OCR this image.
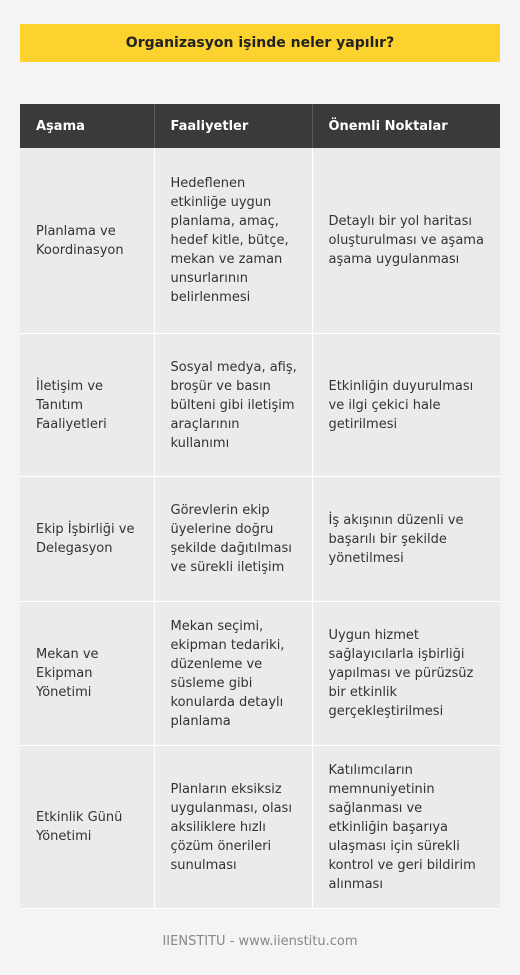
Organizasyon işinde neler yapılır?
Aşama	Faaliyetler	Önemli Noktalar
Planlama ve Koordinasyon	Hedeflenen etkinliğe uygun planlama, amaç, hedef kitle, bütçe, mekan ve zaman unsurlarının belirlenmesi	Detaylı bir yol haritası oluşturulması ve aşama aşama uygulanması
İletişim ve Tanıtım Faaliyetleri	Sosyal medya, afiş, broşür ve basın bülteni gibi iletişim araçlarının kullanımı	Etkinliğin duyurulması ve ilgi çekici hale getirilmesi
Ekip İşbirliği ve Delegasyon	Görevlerin ekip üyelerine doğru şekilde dağıtılması ve sürekli iletişim	İş akışının düzenli ve başarılı bir şekilde yönetilmesi
Mekan ve Ekipman Yönetimi	Mekan seçimi, ekipman tedariki, düzenleme ve süsleme gibi konularda detaylı planlama	Uygun hizmet sağlayıcılarla işbirliği yapılması ve pürüzsüz bir etkinlik gerçekleştirilmesi
Etkinlik Günü Yönetimi	Planların eksiksiz uygulanması, olası aksiliklere hızlı çözüm önerileri sunulması	Katılımcıların memnuniyetinin sağlanması ve etkinliğin başarıya ulaşması için sürekli kontrol ve geri bildirim alınması
IIENSTITU - www.iienstitu.com
